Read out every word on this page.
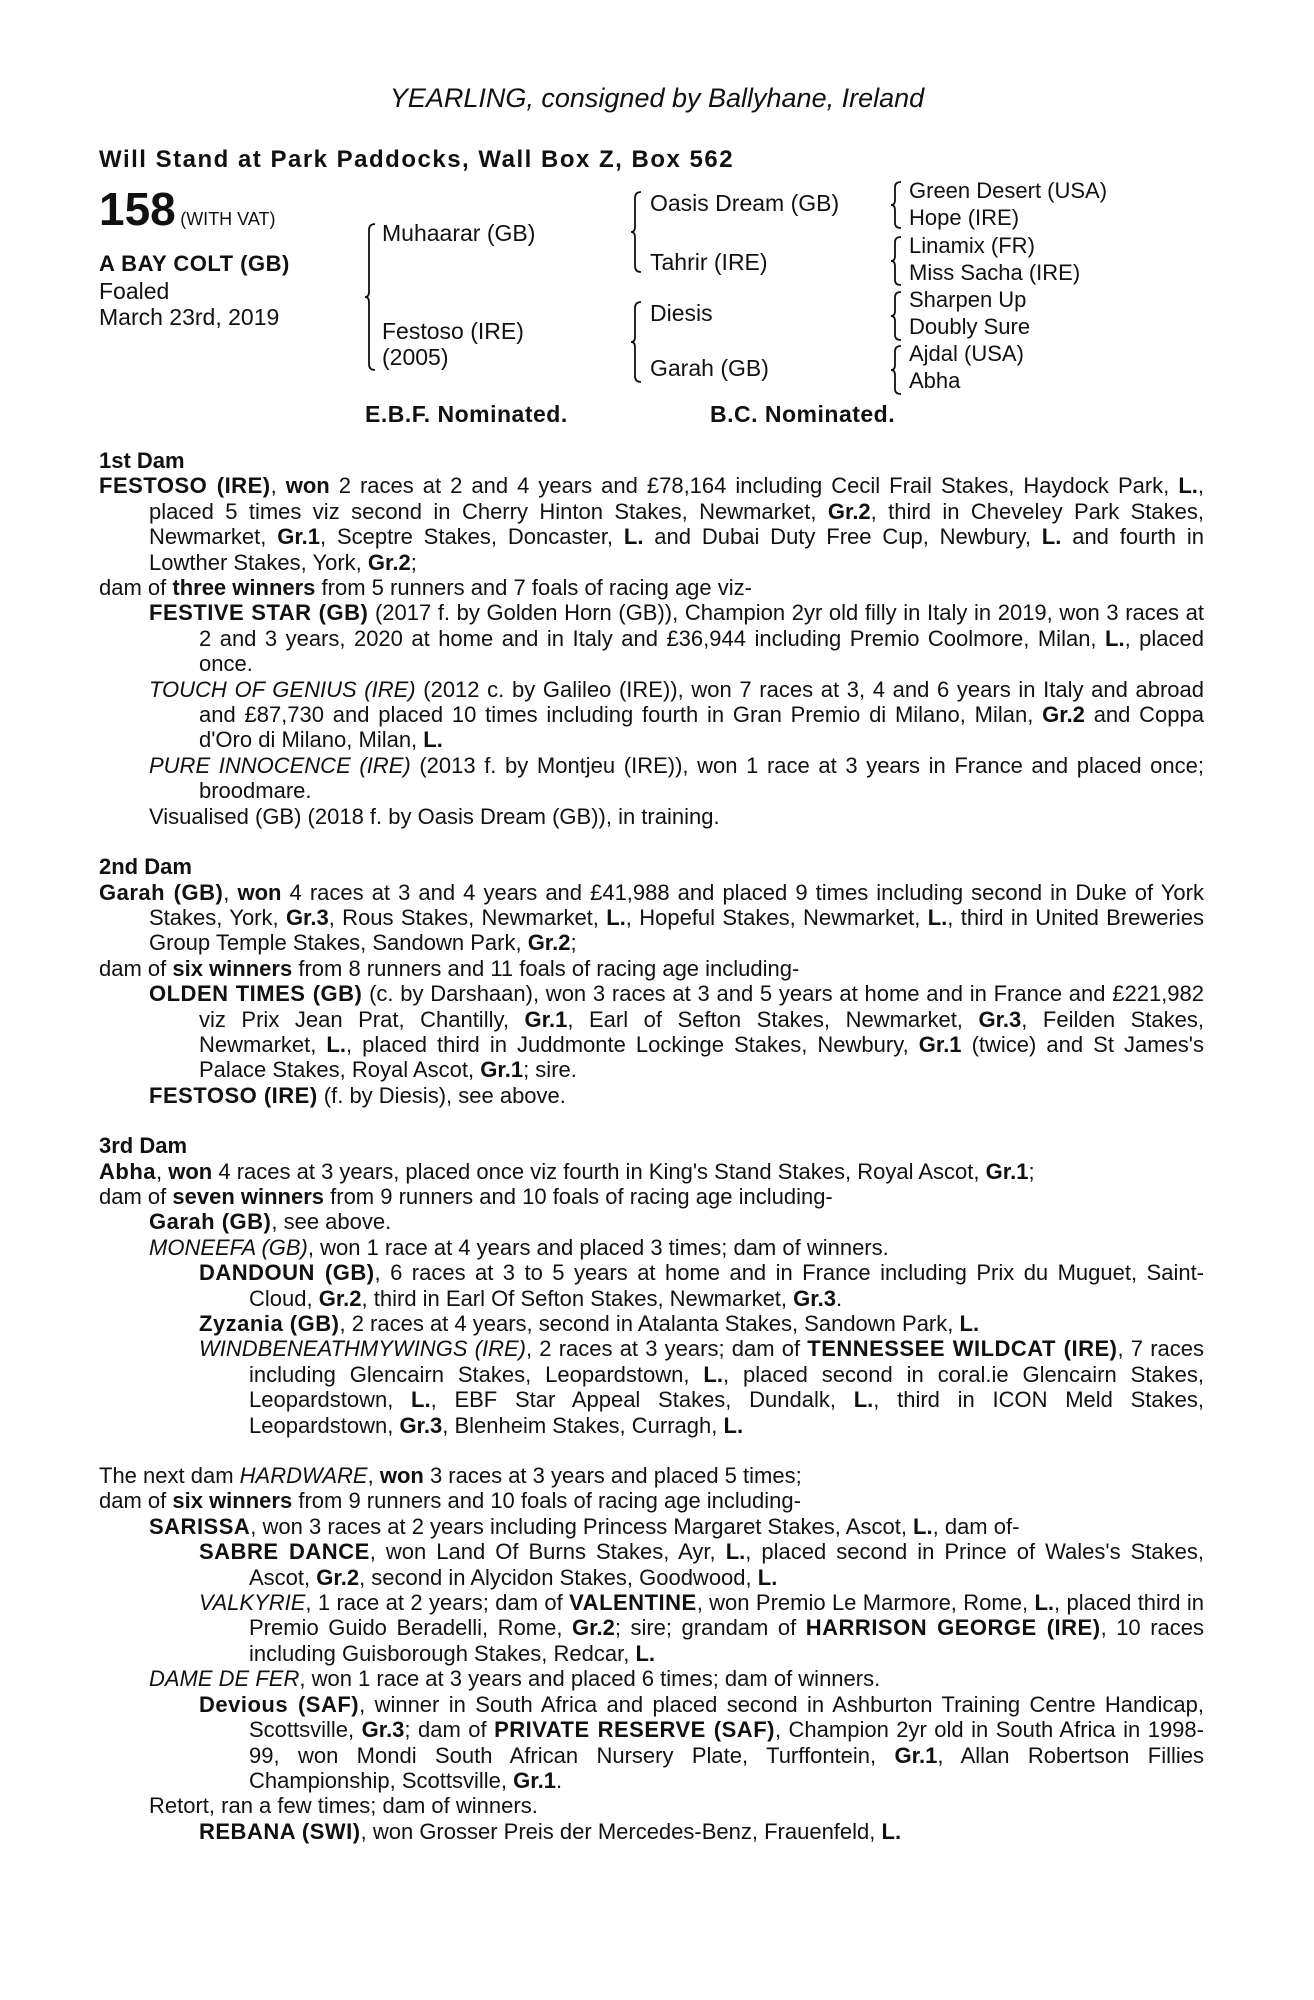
YEARLING, consigned by Ballyhane, Ireland
Will Stand at Park Paddocks, Wall Box Z, Box 562
158 (WITH VAT)
A BAY COLT (GB)
Foaled
March 23rd, 2019
Muhaarar (GB)
Festoso (IRE)
(2005)
Oasis Dream (GB)
Tahrir (IRE)
Diesis
Garah (GB)
Green Desert (USA)
Hope (IRE)
Linamix (FR)
Miss Sacha (IRE)
Sharpen Up
Doubly Sure
Ajdal (USA)
Abha
E.B.F. Nominated.	B.C. Nominated.
1st Dam

FESTOSO (IRE), won 2 races at 2 and 4 years and £78,164 including Cecil Frail Stakes, Haydock Park, L., placed 5 times viz second in Cherry Hinton Stakes, Newmarket, Gr.2, third in Cheveley Park Stakes, Newmarket, Gr.1, Sceptre Stakes, Doncaster, L. and Dubai Duty Free Cup, Newbury, L. and fourth in Lowther Stakes, York, Gr.2;

dam of three winners from 5 runners and 7 foals of racing age viz-

FESTIVE STAR (GB) (2017 f. by Golden Horn (GB)), Champion 2yr old filly in Italy in 2019, won 3 races at 2 and 3 years, 2020 at home and in Italy and £36,944 including Premio Coolmore, Milan, L., placed once.

TOUCH OF GENIUS (IRE) (2012 c. by Galileo (IRE)), won 7 races at 3, 4 and 6 years in Italy and abroad and £87,730 and placed 10 times including fourth in Gran Premio di Milano, Milan, Gr.2 and Coppa d'Oro di Milano, Milan, L.

PURE INNOCENCE (IRE) (2013 f. by Montjeu (IRE)), won 1 race at 3 years in France and placed once; broodmare.

Visualised (GB) (2018 f. by Oasis Dream (GB)), in training.

2nd Dam

Garah (GB), won 4 races at 3 and 4 years and £41,988 and placed 9 times including second in Duke of York Stakes, York, Gr.3, Rous Stakes, Newmarket, L., Hopeful Stakes, Newmarket, L., third in United Breweries Group Temple Stakes, Sandown Park, Gr.2;

dam of six winners from 8 runners and 11 foals of racing age including-

OLDEN TIMES (GB) (c. by Darshaan), won 3 races at 3 and 5 years at home and in France and £221,982 viz Prix Jean Prat, Chantilly, Gr.1, Earl of Sefton Stakes, Newmarket, Gr.3, Feilden Stakes, Newmarket, L., placed third in Juddmonte Lockinge Stakes, Newbury, Gr.1 (twice) and St James's Palace Stakes, Royal Ascot, Gr.1; sire.

FESTOSO (IRE) (f. by Diesis), see above.

3rd Dam

Abha, won 4 races at 3 years, placed once viz fourth in King's Stand Stakes, Royal Ascot, Gr.1;

dam of seven winners from 9 runners and 10 foals of racing age including-

Garah (GB), see above.

MONEEFA (GB), won 1 race at 4 years and placed 3 times; dam of winners.

DANDOUN (GB), 6 races at 3 to 5 years at home and in France including Prix du Muguet, Saint-Cloud, Gr.2, third in Earl Of Sefton Stakes, Newmarket, Gr.3.

Zyzania (GB), 2 races at 4 years, second in Atalanta Stakes, Sandown Park, L.

WINDBENEATHMYWINGS (IRE), 2 races at 3 years; dam of TENNESSEE WILDCAT (IRE), 7 races including Glencairn Stakes, Leopardstown, L., placed second in coral.ie Glencairn Stakes, Leopardstown, L., EBF Star Appeal Stakes, Dundalk, L., third in ICON Meld Stakes, Leopardstown, Gr.3, Blenheim Stakes, Curragh, L.

The next dam HARDWARE, won 3 races at 3 years and placed 5 times;

dam of six winners from 9 runners and 10 foals of racing age including-

SARISSA, won 3 races at 2 years including Princess Margaret Stakes, Ascot, L., dam of-

SABRE DANCE, won Land Of Burns Stakes, Ayr, L., placed second in Prince of Wales's Stakes, Ascot, Gr.2, second in Alycidon Stakes, Goodwood, L.

VALKYRIE, 1 race at 2 years; dam of VALENTINE, won Premio Le Marmore, Rome, L., placed third in Premio Guido Beradelli, Rome, Gr.2; sire; grandam of HARRISON GEORGE (IRE), 10 races including Guisborough Stakes, Redcar, L.

DAME DE FER, won 1 race at 3 years and placed 6 times; dam of winners.

Devious (SAF), winner in South Africa and placed second in Ashburton Training Centre Handicap, Scottsville, Gr.3; dam of PRIVATE RESERVE (SAF), Champion 2yr old in South Africa in 1998-99, won Mondi South African Nursery Plate, Turffontein, Gr.1, Allan Robertson Fillies Championship, Scottsville, Gr.1.

Retort, ran a few times; dam of winners.

REBANA (SWI), won Grosser Preis der Mercedes-Benz, Frauenfeld, L.
